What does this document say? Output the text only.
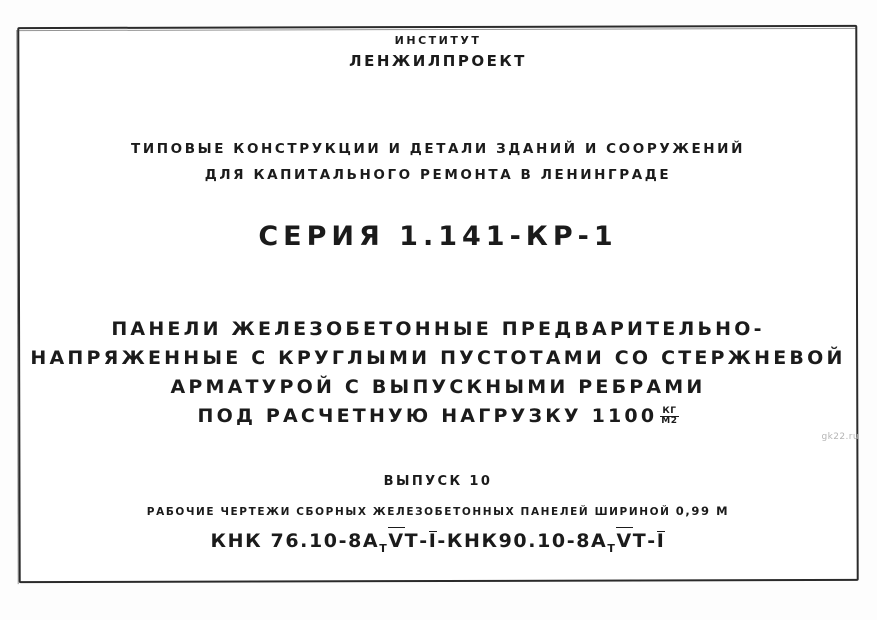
ИНСТИТУТ
ЛЕНЖИЛПРОЕКТ
ТИПОВЫЕ КОНСТРУКЦИИ И ДЕТАЛИ ЗДАНИЙ И СООРУЖЕНИЙ
ДЛЯ КАПИТАЛЬНОГО РЕМОНТА В ЛЕНИНГРАДЕ
СЕРИЯ 1.141-КР-1
ПАНЕЛИ ЖЕЛЕЗОБЕТОННЫЕ ПРЕДВАРИТЕЛЬНО-
НАПРЯЖЕННЫЕ С КРУГЛЫМИ ПУСТОТАМИ СО СТЕРЖНЕВОЙ
АРМАТУРОЙ С ВЫПУСКНЫМИ РЕБРАМИ
ПОД РАСЧЕТНУЮ НАГРУЗКУ $1100 \frac{КГ}{М2}$
ВЫПУСК 10
РАБОЧИЕ ЧЕРТЕЖИ СБОРНЫХ ЖЕЛЕЗОБЕТОННЫХ ПАНЕЛЕЙ ШИРИНОЙ 0,99 М
КНК $76.10-8А_ТVТ-I-КНК90.10-8А_ТVТ-I$
gk22.ru
